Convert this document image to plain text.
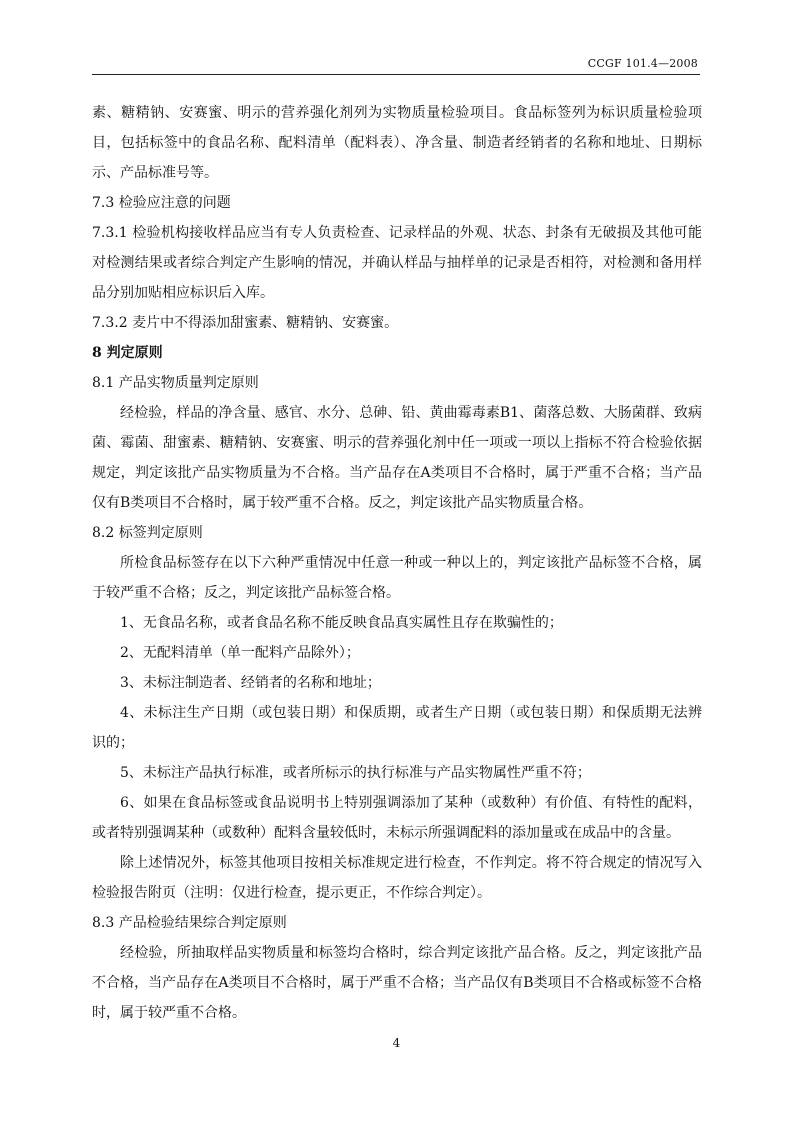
CCGF 101.4—2008

素、糖精钠、安赛蜜、明示的营养强化剂列为实物质量检验项目。食品标签列为标识质量检验项目，包括标签中的食品名称、配料清单（配料表）、净含量、制造者经销者的名称和地址、日期标示、产品标准号等。

7.3 检验应注意的问题

7.3.1 检验机构接收样品应当有专人负责检查、记录样品的外观、状态、封条有无破损及其他可能对检测结果或者综合判定产生影响的情况，并确认样品与抽样单的记录是否相符，对检测和备用样品分别加贴相应标识后入库。

7.3.2 麦片中不得添加甜蜜素、糖精钠、安赛蜜。

8 判定原则

8.1 产品实物质量判定原则

经检验，样品的净含量、感官、水分、总砷、铅、黄曲霉毒素B1、菌落总数、大肠菌群、致病菌、霉菌、甜蜜素、糖精钠、安赛蜜、明示的营养强化剂中任一项或一项以上指标不符合检验依据规定，判定该批产品实物质量为不合格。当产品存在A类项目不合格时，属于严重不合格；当产品仅有B类项目不合格时，属于较严重不合格。反之，判定该批产品实物质量合格。

8.2 标签判定原则

所检食品标签存在以下六种严重情况中任意一种或一种以上的，判定该批产品标签不合格，属于较严重不合格；反之，判定该批产品标签合格。

1、无食品名称，或者食品名称不能反映食品真实属性且存在欺骗性的；

2、无配料清单（单一配料产品除外）；

3、未标注制造者、经销者的名称和地址；

4、未标注生产日期（或包装日期）和保质期，或者生产日期（或包装日期）和保质期无法辨识的；

5、未标注产品执行标准，或者所标示的执行标准与产品实物属性严重不符；

6、如果在食品标签或食品说明书上特别强调添加了某种（或数种）有价值、有特性的配料，或者特别强调某种（或数种）配料含量较低时，未标示所强调配料的添加量或在成品中的含量。

除上述情况外，标签其他项目按相关标准规定进行检查，不作判定。将不符合规定的情况写入检验报告附页（注明：仅进行检查，提示更正，不作综合判定）。

8.3 产品检验结果综合判定原则

经检验，所抽取样品实物质量和标签均合格时，综合判定该批产品合格。反之，判定该批产品不合格，当产品存在A类项目不合格时，属于严重不合格；当产品仅有B类项目不合格或标签不合格时，属于较严重不合格。

4
